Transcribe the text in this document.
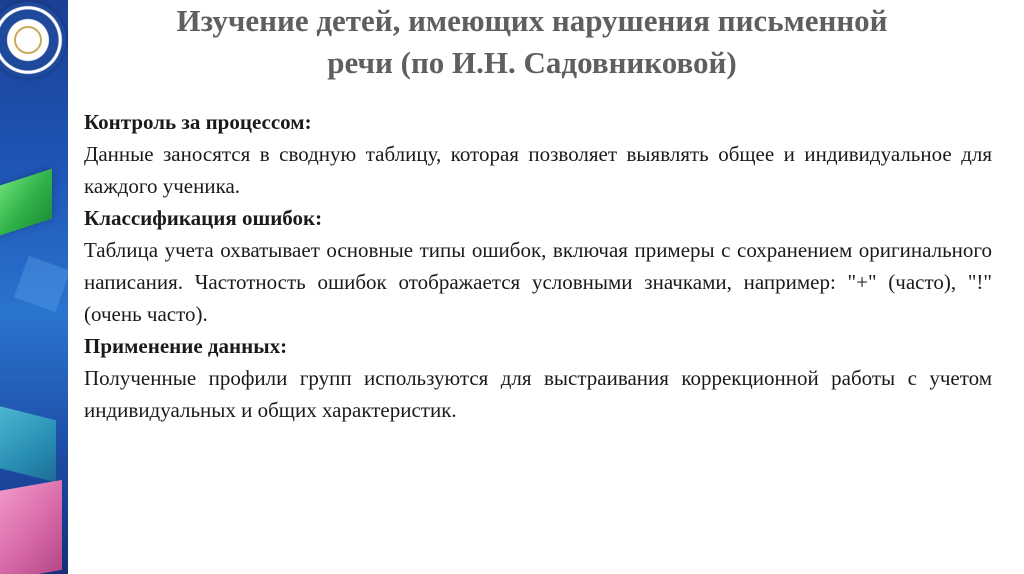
Изучение детей, имеющих нарушения письменной
речи (по И.Н. Садовниковой)

Контроль за процессом:

Данные заносятся в сводную таблицу, которая позволяет выявлять общее и индивидуальное для каждого ученика.

Классификация ошибок:

Таблица учета охватывает основные типы ошибок, включая примеры с сохранением оригинального написания. Частотность ошибок отображается условными значками, например: "+" (часто), "!" (очень часто).

Применение данных:

Полученные профили групп используются для выстраивания коррекционной работы с учетом индивидуальных и общих характеристик.
